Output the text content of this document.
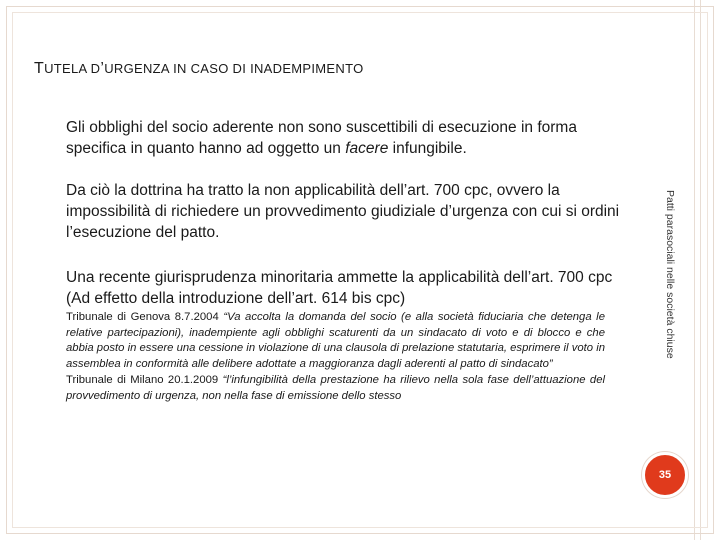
TUTELA D’URGENZA IN CASO DI INADEMPIMENTO
Gli obblighi del socio aderente non sono suscettibili di esecuzione in forma specifica in quanto hanno ad oggetto un facere infungibile.
Da ciò la dottrina ha tratto la non applicabilità dell’art. 700 cpc, ovvero la impossibilità di richiedere un provvedimento giudiziale d’urgenza con cui si ordini l’esecuzione del patto.
Una recente giurisprudenza minoritaria ammette la applicabilità dell’art. 700 cpc (Ad effetto della introduzione dell’art. 614 bis cpc)
Tribunale di Genova 8.7.2004 “Va accolta la domanda del socio (e alla società fiduciaria che detenga le relative partecipazioni), inadempiente agli obblighi scaturenti da un sindacato di voto e di blocco e che abbia posto in essere una cessione in violazione di una clausola di prelazione statutaria, esprimere il voto in assemblea in conformità alle delibere adottate a maggioranza dagli aderenti al patto di sindacato”
Tribunale di Milano 20.1.2009 “l’infungibilità della prestazione ha rilievo nella sola fase dell’attuazione del provvedimento di urgenza, non nella fase di emissione dello stesso
Patti parasociali nelle società chiuse
35
